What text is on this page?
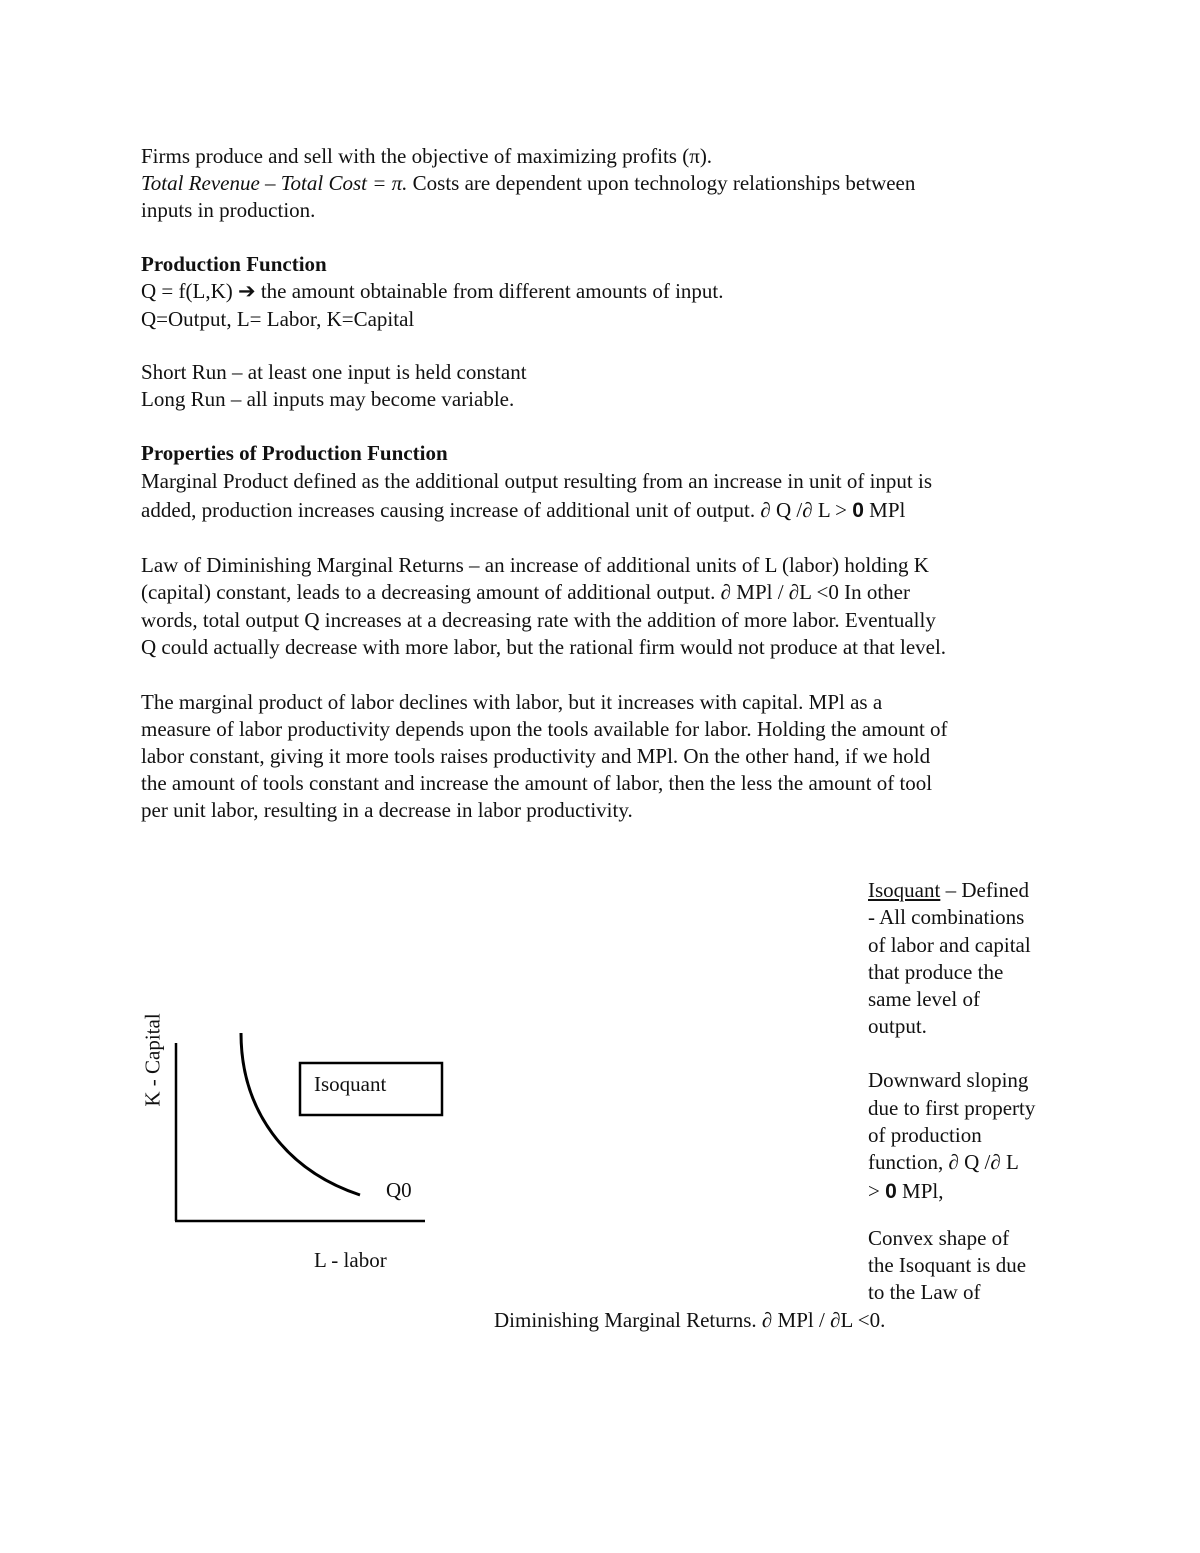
Firms produce and sell with the objective of maximizing profits (π).
Total Revenue – Total Cost = π. Costs are dependent upon technology relationships between
inputs in production.
Production Function
Q = f(L,K) ➔ the amount obtainable from different amounts of input.
Q=Output, L= Labor, K=Capital
Short Run – at least one input is held constant
Long Run – all inputs may become variable.
Properties of Production Function
Marginal Product defined as the additional output resulting from an increase in unit of input is
added, production increases causing increase of additional unit of output. ∂ Q /∂ L > 0 MPl
Law of Diminishing Marginal Returns – an increase of additional units of L (labor) holding K
(capital) constant, leads to a decreasing amount of additional output. ∂ MPl / ∂L <0 In other
words, total output Q increases at a decreasing rate with the addition of more labor. Eventually
Q could actually decrease with more labor, but the rational firm would not produce at that level.
The marginal product of labor declines with labor, but it increases with capital. MPl as a
measure of labor productivity depends upon the tools available for labor. Holding the amount of
labor constant, giving it more tools raises productivity and MPl. On the other hand, if we hold
the amount of tools constant and increase the amount of labor, then the less the amount of tool
per unit labor, resulting in a decrease in labor productivity.
K - Capital	Isoquant
Q0
L - labor
Isoquant – Defined
- All combinations
of labor and capital
that produce the
same level of
output.
Downward sloping
due to first property
of production
function, ∂ Q /∂ L
> 0 MPl,
Convex shape of
the Isoquant is due
to the Law of
Diminishing Marginal Returns. ∂ MPl / ∂L <0.
